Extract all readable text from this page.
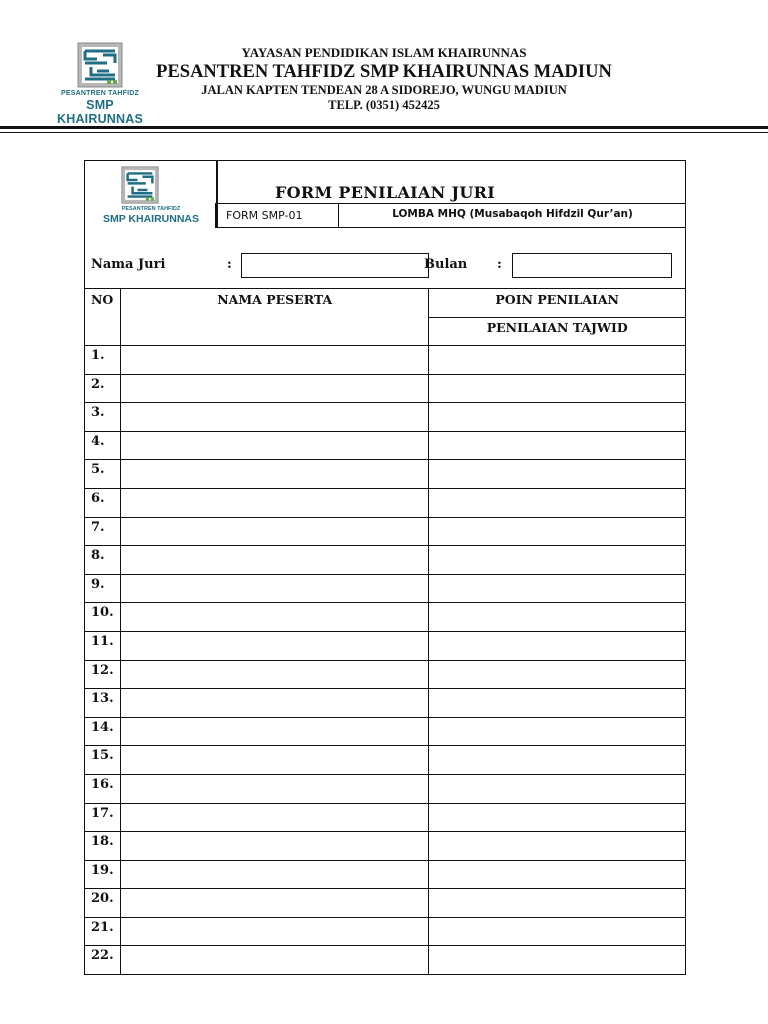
PESANTREN TAHFIDZ
SMP KHAIRUNNAS
YAYASAN PENDIDIKAN ISLAM KHAIRUNNAS
PESANTREN TAHFIDZ SMP KHAIRUNNAS MADIUN
JALAN KAPTEN TENDEAN 28 A SIDOREJO, WUNGU MADIUN
TELP. (0351) 452425
PESANTREN TAHFIDZ
SMP KHAIRUNNAS
FORM PENILAIAN JURI
FORM SMP-01	LOMBA MHQ (Musabaqoh Hifdzil Qur’an)
Nama Juri	:	Bulan :
NO	NAMA PESERTA	POIN PENILAIAN
		PENILAIAN TAJWID
1.		
2.		
3.		
4.		
5.		
6.		
7.		
8.		
9.		
10.		
11.		
12.		
13.		
14.		
15.		
16.		
17.		
18.		
19.		
20.		
21.		
22.		
